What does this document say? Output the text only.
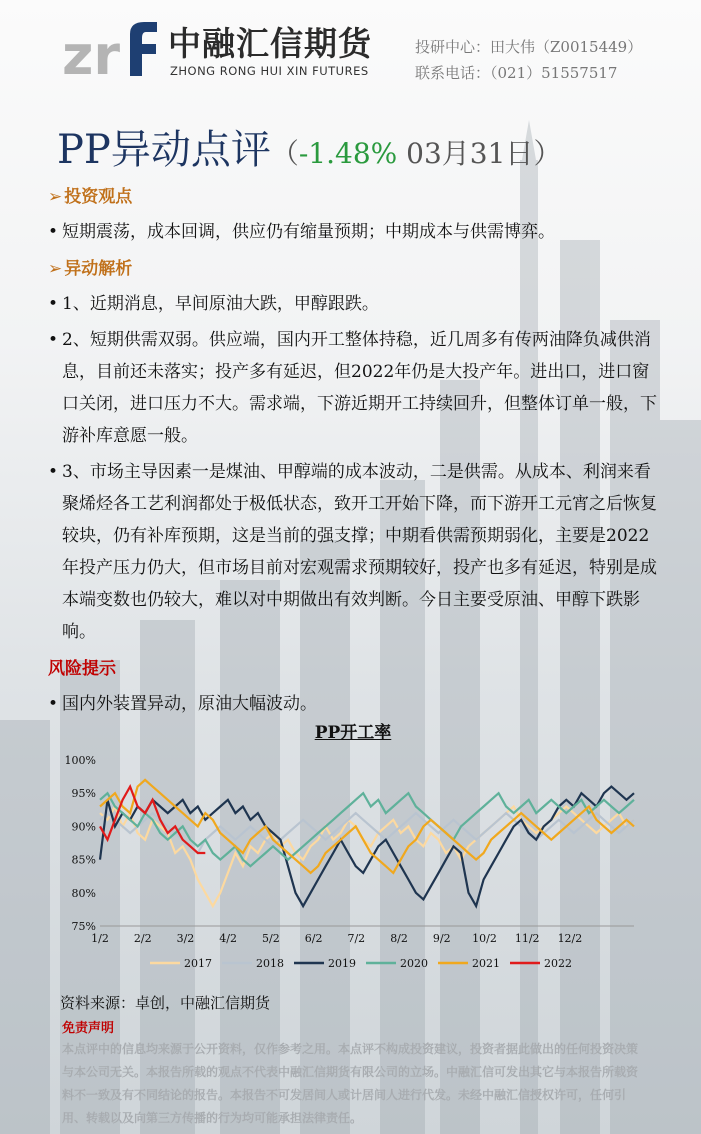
zr 中融汇信期货
ZHONG RONG HUI XIN FUTURES
投研中心：田大伟（Z0015449）
联系电话：（021）51557517
PP异动点评（-1.48% 03月31日）
➢ 投资观点
• 短期震荡，成本回调，供应仍有缩量预期；中期成本与供需博弈。
➢ 异动解析
• 1、近期消息，早间原油大跌，甲醇跟跌。
• 2、短期供需双弱。供应端，国内开工整体持稳，近几周多有传两油降负减供消息，目前还未落实；投产多有延迟，但2022年仍是大投产年。进出口，进口窗口关闭，进口压力不大。需求端，下游近期开工持续回升，但整体订单一般，下游补库意愿一般。
• 3、市场主导因素一是煤油、甲醇端的成本波动，二是供需。从成本、利润来看聚烯烃各工艺利润都处于极低状态，致开工开始下降，而下游开工元宵之后恢复较块，仍有补库预期，这是当前的强支撑；中期看供需预期弱化，主要是2022年投产压力仍大，但市场目前对宏观需求预期较好，投产也多有延迟，特别是成本端变数也仍较大，难以对中期做出有效判断。今日主要受原油、甲醇下跌影响。
风险提示
• 国内外装置异动，原油大幅波动。
PP开工率
100%
95%
90%
85%
80%
75%
1/2 2/2 3/2 4/2 5/2 6/2 7/2 8/2 9/2 10/2 11/2 12/2
2017	2018	2019	2020	2021	2022
资料来源：卓创，中融汇信期货
免责声明
本点评中的信息均来源于公开资料，仅作参考之用。本点评不构成投资建议，投资者据此做出的任何投资决策与本公司无关。本报告所载的观点不代表中融汇信期货有限公司的立场。中融汇信可发出其它与本报告所载资料不一致及有不同结论的报告。本报告不可发居间人或计居间人进行代发。未经中融汇信授权许可，任何引用、转载以及向第三方传播的行为均可能承担法律责任。
